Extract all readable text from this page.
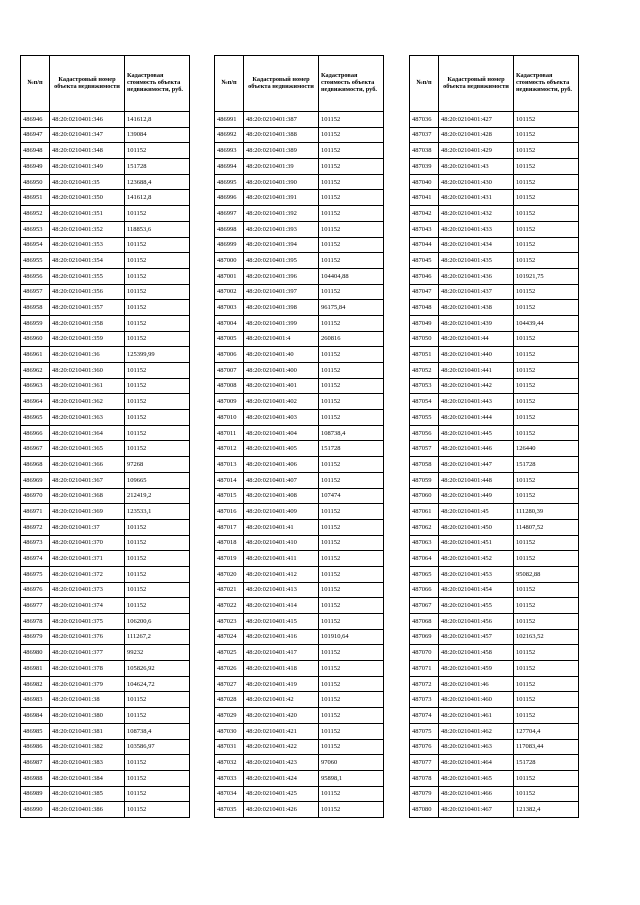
№п/п	Кадастровый номер объекта недвижимости	Кадастровая стоимость объекта недвижимости, руб.
486946	48:20:0210401:346	141612,8
486947	48:20:0210401:347	139084
486948	48:20:0210401:348	101152
486949	48:20:0210401:349	151728
486950	48:20:0210401:35	123688,4
486951	48:20:0210401:350	141612,8
486952	48:20:0210401:351	101152
486953	48:20:0210401:352	118853,6
486954	48:20:0210401:353	101152
486955	48:20:0210401:354	101152
486956	48:20:0210401:355	101152
486957	48:20:0210401:356	101152
486958	48:20:0210401:357	101152
486959	48:20:0210401:358	101152
486960	48:20:0210401:359	101152
486961	48:20:0210401:36	125399,99
486962	48:20:0210401:360	101152
486963	48:20:0210401:361	101152
486964	48:20:0210401:362	101152
486965	48:20:0210401:363	101152
486966	48:20:0210401:364	101152
486967	48:20:0210401:365	101152
486968	48:20:0210401:366	97268
486969	48:20:0210401:367	109665
486970	48:20:0210401:368	212419,2
486971	48:20:0210401:369	123533,1
486972	48:20:0210401:37	101152
486973	48:20:0210401:370	101152
486974	48:20:0210401:371	101152
486975	48:20:0210401:372	101152
486976	48:20:0210401:373	101152
486977	48:20:0210401:374	101152
486978	48:20:0210401:375	106200,6
486979	48:20:0210401:376	111267,2
486980	48:20:0210401:377	99232
486981	48:20:0210401:378	105826,92
486982	48:20:0210401:379	104624,72
486983	48:20:0210401:38	101152
486984	48:20:0210401:380	101152
486985	48:20:0210401:381	108738,4
486986	48:20:0210401:382	103586,97
486987	48:20:0210401:383	101152
486988	48:20:0210401:384	101152
486989	48:20:0210401:385	101152
486990	48:20:0210401:386	101152
№п/п	Кадастровый номер объекта недвижимости	Кадастровая стоимость объекта недвижимости, руб.
486991	48:20:0210401:387	101152
486992	48:20:0210401:388	101152
486993	48:20:0210401:389	101152
486994	48:20:0210401:39	101152
486995	48:20:0210401:390	101152
486996	48:20:0210401:391	101152
486997	48:20:0210401:392	101152
486998	48:20:0210401:393	101152
486999	48:20:0210401:394	101152
487000	48:20:0210401:395	101152
487001	48:20:0210401:396	104404,88
487002	48:20:0210401:397	101152
487003	48:20:0210401:398	96175,84
487004	48:20:0210401:399	101152
487005	48:20:0210401:4	260816
487006	48:20:0210401:40	101152
487007	48:20:0210401:400	101152
487008	48:20:0210401:401	101152
487009	48:20:0210401:402	101152
487010	48:20:0210401:403	101152
487011	48:20:0210401:404	108738,4
487012	48:20:0210401:405	151728
487013	48:20:0210401:406	101152
487014	48:20:0210401:407	101152
487015	48:20:0210401:408	107474
487016	48:20:0210401:409	101152
487017	48:20:0210401:41	101152
487018	48:20:0210401:410	101152
487019	48:20:0210401:411	101152
487020	48:20:0210401:412	101152
487021	48:20:0210401:413	101152
487022	48:20:0210401:414	101152
487023	48:20:0210401:415	101152
487024	48:20:0210401:416	101910,64
487025	48:20:0210401:417	101152
487026	48:20:0210401:418	101152
487027	48:20:0210401:419	101152
487028	48:20:0210401:42	101152
487029	48:20:0210401:420	101152
487030	48:20:0210401:421	101152
487031	48:20:0210401:422	101152
487032	48:20:0210401:423	97060
487033	48:20:0210401:424	95898,1
487034	48:20:0210401:425	101152
487035	48:20:0210401:426	101152
№п/п	Кадастровый номер объекта недвижимости	Кадастровая стоимость объекта недвижимости, руб.
487036	48:20:0210401:427	101152
487037	48:20:0210401:428	101152
487038	48:20:0210401:429	101152
487039	48:20:0210401:43	101152
487040	48:20:0210401:430	101152
487041	48:20:0210401:431	101152
487042	48:20:0210401:432	101152
487043	48:20:0210401:433	101152
487044	48:20:0210401:434	101152
487045	48:20:0210401:435	101152
487046	48:20:0210401:436	101921,75
487047	48:20:0210401:437	101152
487048	48:20:0210401:438	101152
487049	48:20:0210401:439	104439,44
487050	48:20:0210401:44	101152
487051	48:20:0210401:440	101152
487052	48:20:0210401:441	101152
487053	48:20:0210401:442	101152
487054	48:20:0210401:443	101152
487055	48:20:0210401:444	101152
487056	48:20:0210401:445	101152
487057	48:20:0210401:446	126440
487058	48:20:0210401:447	151728
487059	48:20:0210401:448	101152
487060	48:20:0210401:449	101152
487061	48:20:0210401:45	111280,39
487062	48:20:0210401:450	114807,52
487063	48:20:0210401:451	101152
487064	48:20:0210401:452	101152
487065	48:20:0210401:453	95082,88
487066	48:20:0210401:454	101152
487067	48:20:0210401:455	101152
487068	48:20:0210401:456	101152
487069	48:20:0210401:457	102163,52
487070	48:20:0210401:458	101152
487071	48:20:0210401:459	101152
487072	48:20:0210401:46	101152
487073	48:20:0210401:460	101152
487074	48:20:0210401:461	101152
487075	48:20:0210401:462	127704,4
487076	48:20:0210401:463	117083,44
487077	48:20:0210401:464	151728
487078	48:20:0210401:465	101152
487079	48:20:0210401:466	101152
487080	48:20:0210401:467	121382,4
